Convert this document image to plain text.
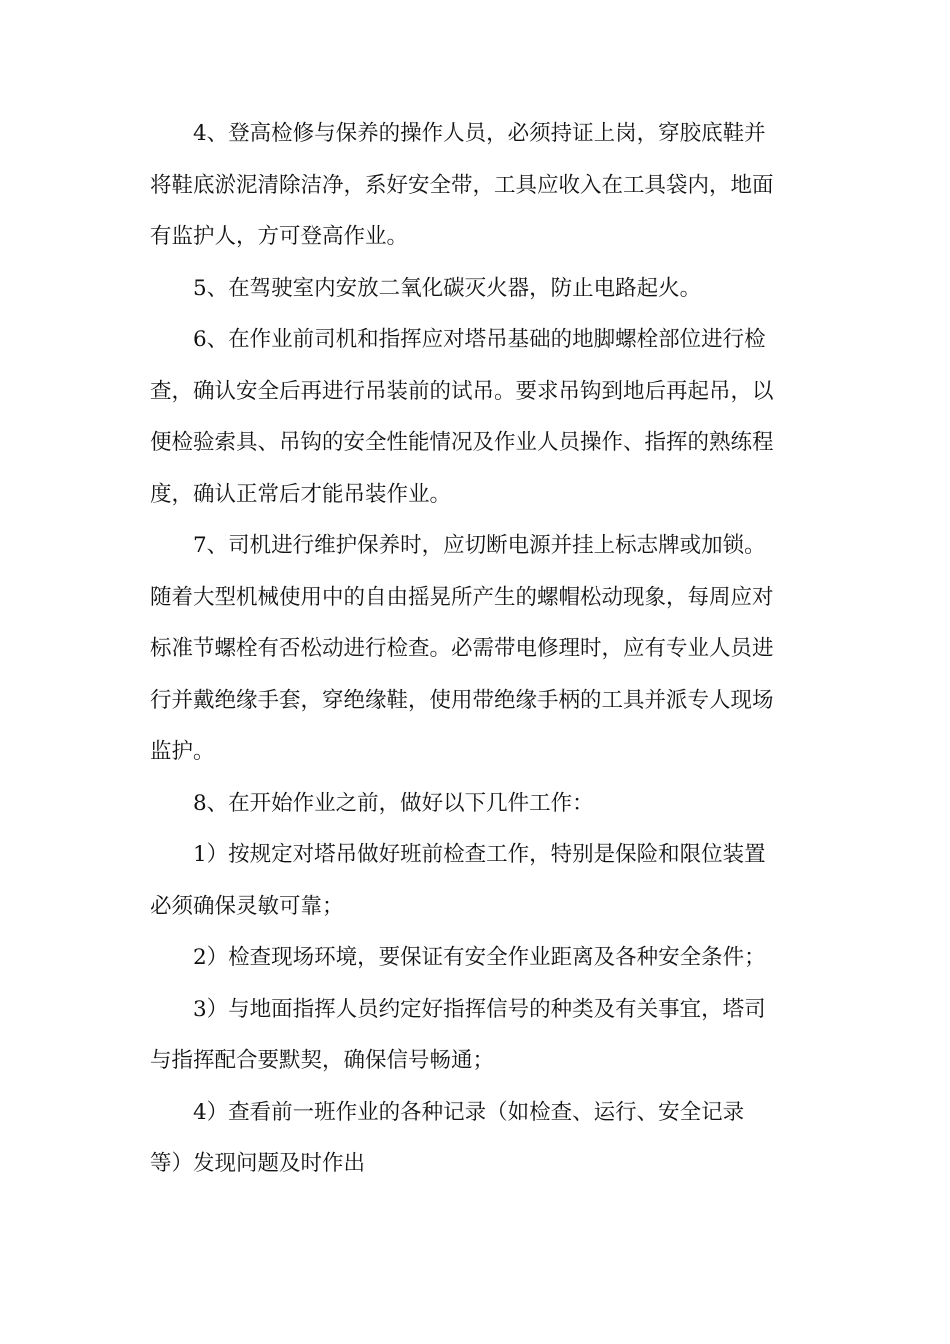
4、登高检修与保养的操作人员，必须持证上岗，穿胶底鞋并
将鞋底淤泥清除洁净，系好安全带，工具应收入在工具袋内，地面
有监护人，方可登高作业。
5、在驾驶室内安放二氧化碳灭火器，防止电路起火。
6、在作业前司机和指挥应对塔吊基础的地脚螺栓部位进行检
查，确认安全后再进行吊装前的试吊。要求吊钩到地后再起吊，以
便检验索具、吊钩的安全性能情况及作业人员操作、指挥的熟练程
度，确认正常后才能吊装作业。
7、司机进行维护保养时，应切断电源并挂上标志牌或加锁。
随着大型机械使用中的自由摇晃所产生的螺帽松动现象，每周应对
标准节螺栓有否松动进行检查。必需带电修理时，应有专业人员进
行并戴绝缘手套，穿绝缘鞋，使用带绝缘手柄的工具并派专人现场
监护。
8、在开始作业之前，做好以下几件工作：
1）按规定对塔吊做好班前检查工作，特别是保险和限位装置
必须确保灵敏可靠；
2）检查现场环境，要保证有安全作业距离及各种安全条件；
3）与地面指挥人员约定好指挥信号的种类及有关事宜，塔司
与指挥配合要默契，确保信号畅通；
4）查看前一班作业的各种记录（如检查、运行、安全记录
等）发现问题及时作出
